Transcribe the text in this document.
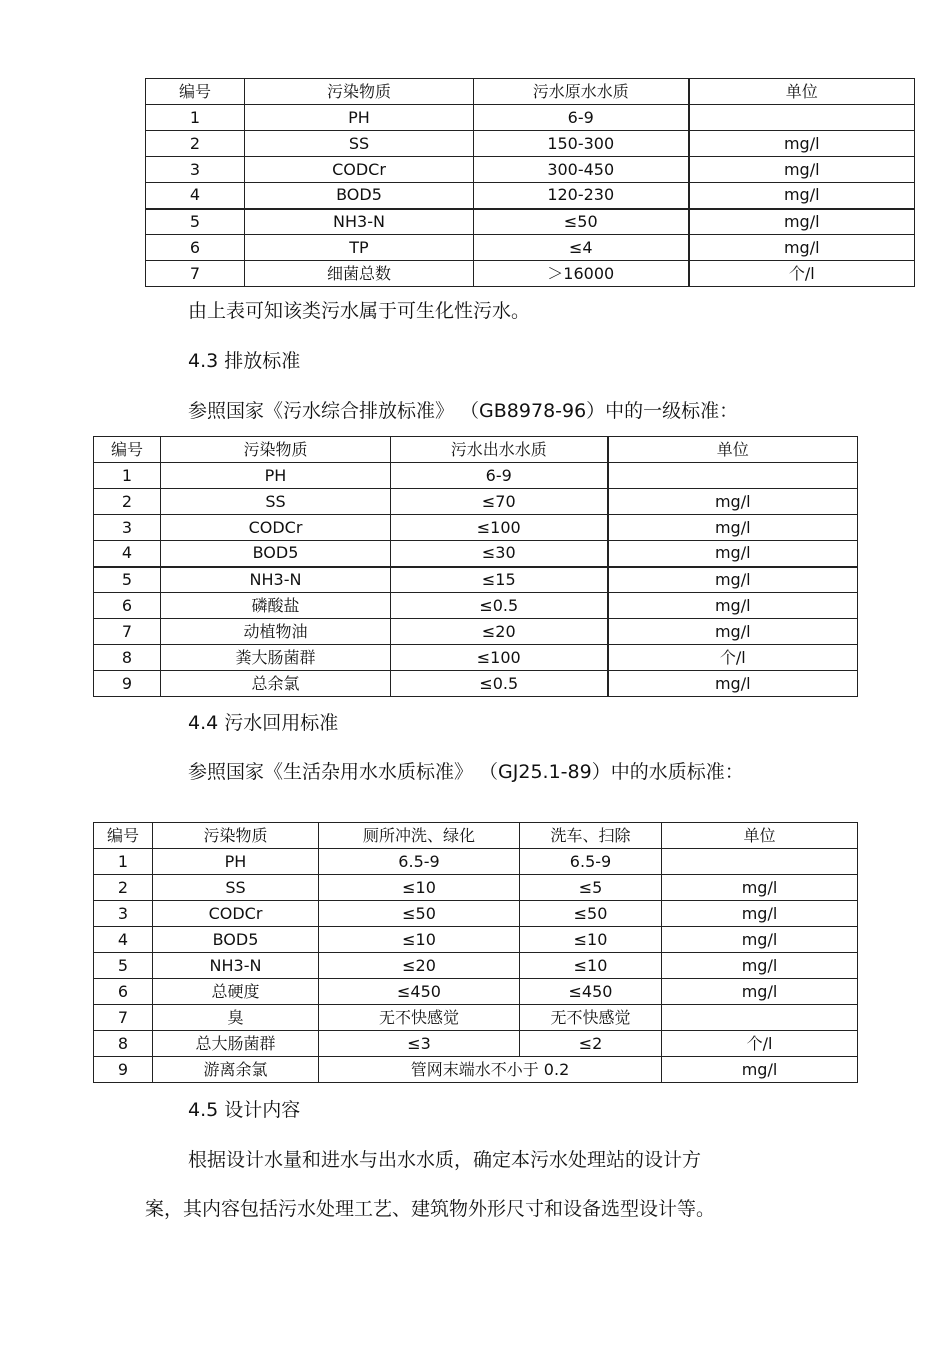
编号	污染物质	污水原水水质	单位
1	PH	6-9	
2	SS	150-300	mg/l
3	CODCr	300-450	mg/l
4	BOD5	120-230	mg/l
5	NH3-N	≤50	mg/l
6	TP	≤4	mg/l
7	细菌总数	＞16000	个/l
由上表可知该类污水属于可生化性污水。
4.3 排放标准
参照国家《污水综合排放标准》 （GB8978-96）中的一级标准：
编号	污染物质	污水出水水质	单位
1	PH	6-9	
2	SS	≤70	mg/l
3	CODCr	≤100	mg/l
4	BOD5	≤30	mg/l
5	NH3-N	≤15	mg/l
6	磷酸盐	≤0.5	mg/l
7	动植物油	≤20	mg/l
8	粪大肠菌群	≤100	个/l
9	总余氯	≤0.5	mg/l
4.4 污水回用标准
参照国家《生活杂用水水质标准》 （GJ25.1-89）中的水质标准：
编号	污染物质	厕所冲洗、绿化	洗车、扫除	单位
1	PH	6.5-9	6.5-9	
2	SS	≤10	≤5	mg/l
3	CODCr	≤50	≤50	mg/l
4	BOD5	≤10	≤10	mg/l
5	NH3-N	≤20	≤10	mg/l
6	总硬度	≤450	≤450	mg/l
7	臭	无不快感觉	无不快感觉	
8	总大肠菌群	≤3	≤2	个/l
9	游离余氯	管网末端水不小于 0.2		mg/l
4.5 设计内容
根据设计水量和进水与出水水质，确定本污水处理站的设计方
案，其内容包括污水处理工艺、建筑物外形尺寸和设备选型设计等。
